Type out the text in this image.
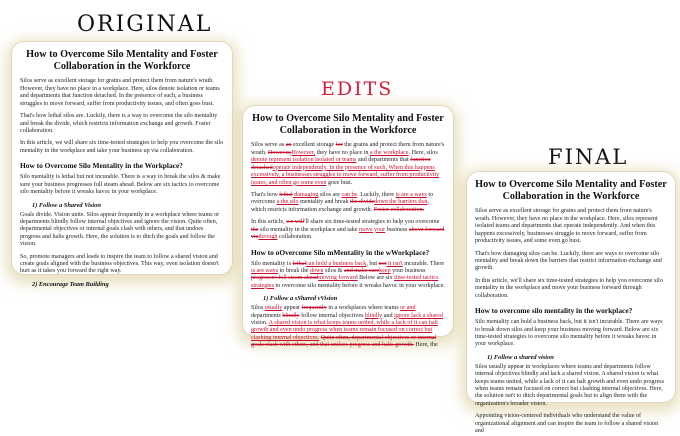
ORIGINAL
EDITS
FINAL
How to Overcome Silo Mentality and Foster Collaboration in the Workforce

Silos serve as excellent storage for grains and protect them from nature's wrath. However, they have no place in a workplace. Here, silos denote isolation or teams and departments that function detached. In the presence of such, a business struggles to move forward, suffer from productivity issues, and often goes bust.

That's how lethal silos are. Luckily, there is a way to overcome the silo mentality and break the divide, which restricts information exchange and growth. Foster collaboration.

In this article, we will share six time-tested strategies to help you overcome the silo mentality in the workplace and take your business up via collaboration.

How to Overcome Silo Mentality in the Workplace?

Silo mentality is lethal but not incurable. There is a way to break the silos & make sure your business progresses full steam ahead. Below are six tactics to overcome silo mentality before it wreaks havoc in your workplace.

1) Follow a Shared Vision

Goals divide. Vision unite. Silos appear frequently in a workplace where teams or departments blindly follow internal objectives and ignore the vision. Quite often, departmental objectives or internal goals clash with others, and that undoes progress and halts growth. Here, the solution is to ditch the goals and follow the vision.

So, promote managers and leads to inspire the team to follow a shared vision and create goals aligned with the business objectives. This way, even isolation doesn't hurt as it takes you forward the right way.

2) Encourage Team Building
How to Overcome Silo Mentality and Foster Collaboration in the Workforce

Silos serve as an excellent storage for the grains and protect them from nature's wrath. However,However, they have no place in a the workplace. Here, silos denote represent isolation isolated or teams and departments that function detachedoperate independently. In the presence of such, When this happens excessively, a businesses struggles to move forward, suffer from productivity issues, and often go some even goes bust.

That's how lethal damaging silos are can be. Luckily, there is are a ways to overcome a the silo mentality and break the dividedown the barriers that, which restricts information exchange and growth. Foster collaboration.

In this article, we will'll share six time-tested strategies to help you overcome the silo mentality in the workplace and take move your business above forward viathrough collaboration.

How to oOvercome Silo mMentality in the wWorkplace?

Silo mentality is lethalcan hold a business back, but not it isn't incurable. There is are ways to break the down silos & and make surekeep your business progresses full steam aheadmoving forward Below are six time-tested tactics strategies to overcome silo mentality before it wreaks havoc in your workplace.

1) Follow a sShared vVision

Silos usually appear frequently in a workplaces where teams or and departments blindly follow internal objectives blindly and ignore lack a shared vision. A shared vision is what keeps teams united, while a lack of it can halt growth and even undo progress when teams remain focused on correct but clashing internal objectives. Quite often, departmental objectives or internal goals clash with others, and that undoes progress and halts growth. Here, the

How to Overcome Silo Mentality and Foster Collaboration in the Workforce

Silos serve as excellent storage for grains and protect them from nature's wrath. However, they have no place in the workplace. Here, silos represent isolated teams and departments that operate independently. And when this happens excessively, businesses struggle to move forward, suffer from productivity issues, and some even go bust.

That's how damaging silos can be. Luckily, there are ways to overcome silo mentality and break down the barriers that restrict information exchange and growth.

In this article, we'll share six time-tested strategies to help you overcome silo mentality in the workplace and move your business forward through collaboration.

How to overcome silo mentality in the workplace?

Silo mentality can hold a business back, but it isn't incurable. There are ways to break down silos and keep your business moving forward. Below are six time-tested strategies to overcome silo mentality before it wreaks havoc in your workplace.

1) Follow a shared vision

Silos usually appear in workplaces where teams and departments follow internal objectives blindly and lack a shared vision. A shared vision is what keeps teams united, while a lack of it can halt growth and even undo progress when teams remain focused on correct but clashing internal objectives. Here, the solution isn't to ditch departmental goals but to align them with the organization's broader vision.

Appointing vision-centered individuals who understand the value of organizational alignment and can inspire the team to follow a shared vision and
